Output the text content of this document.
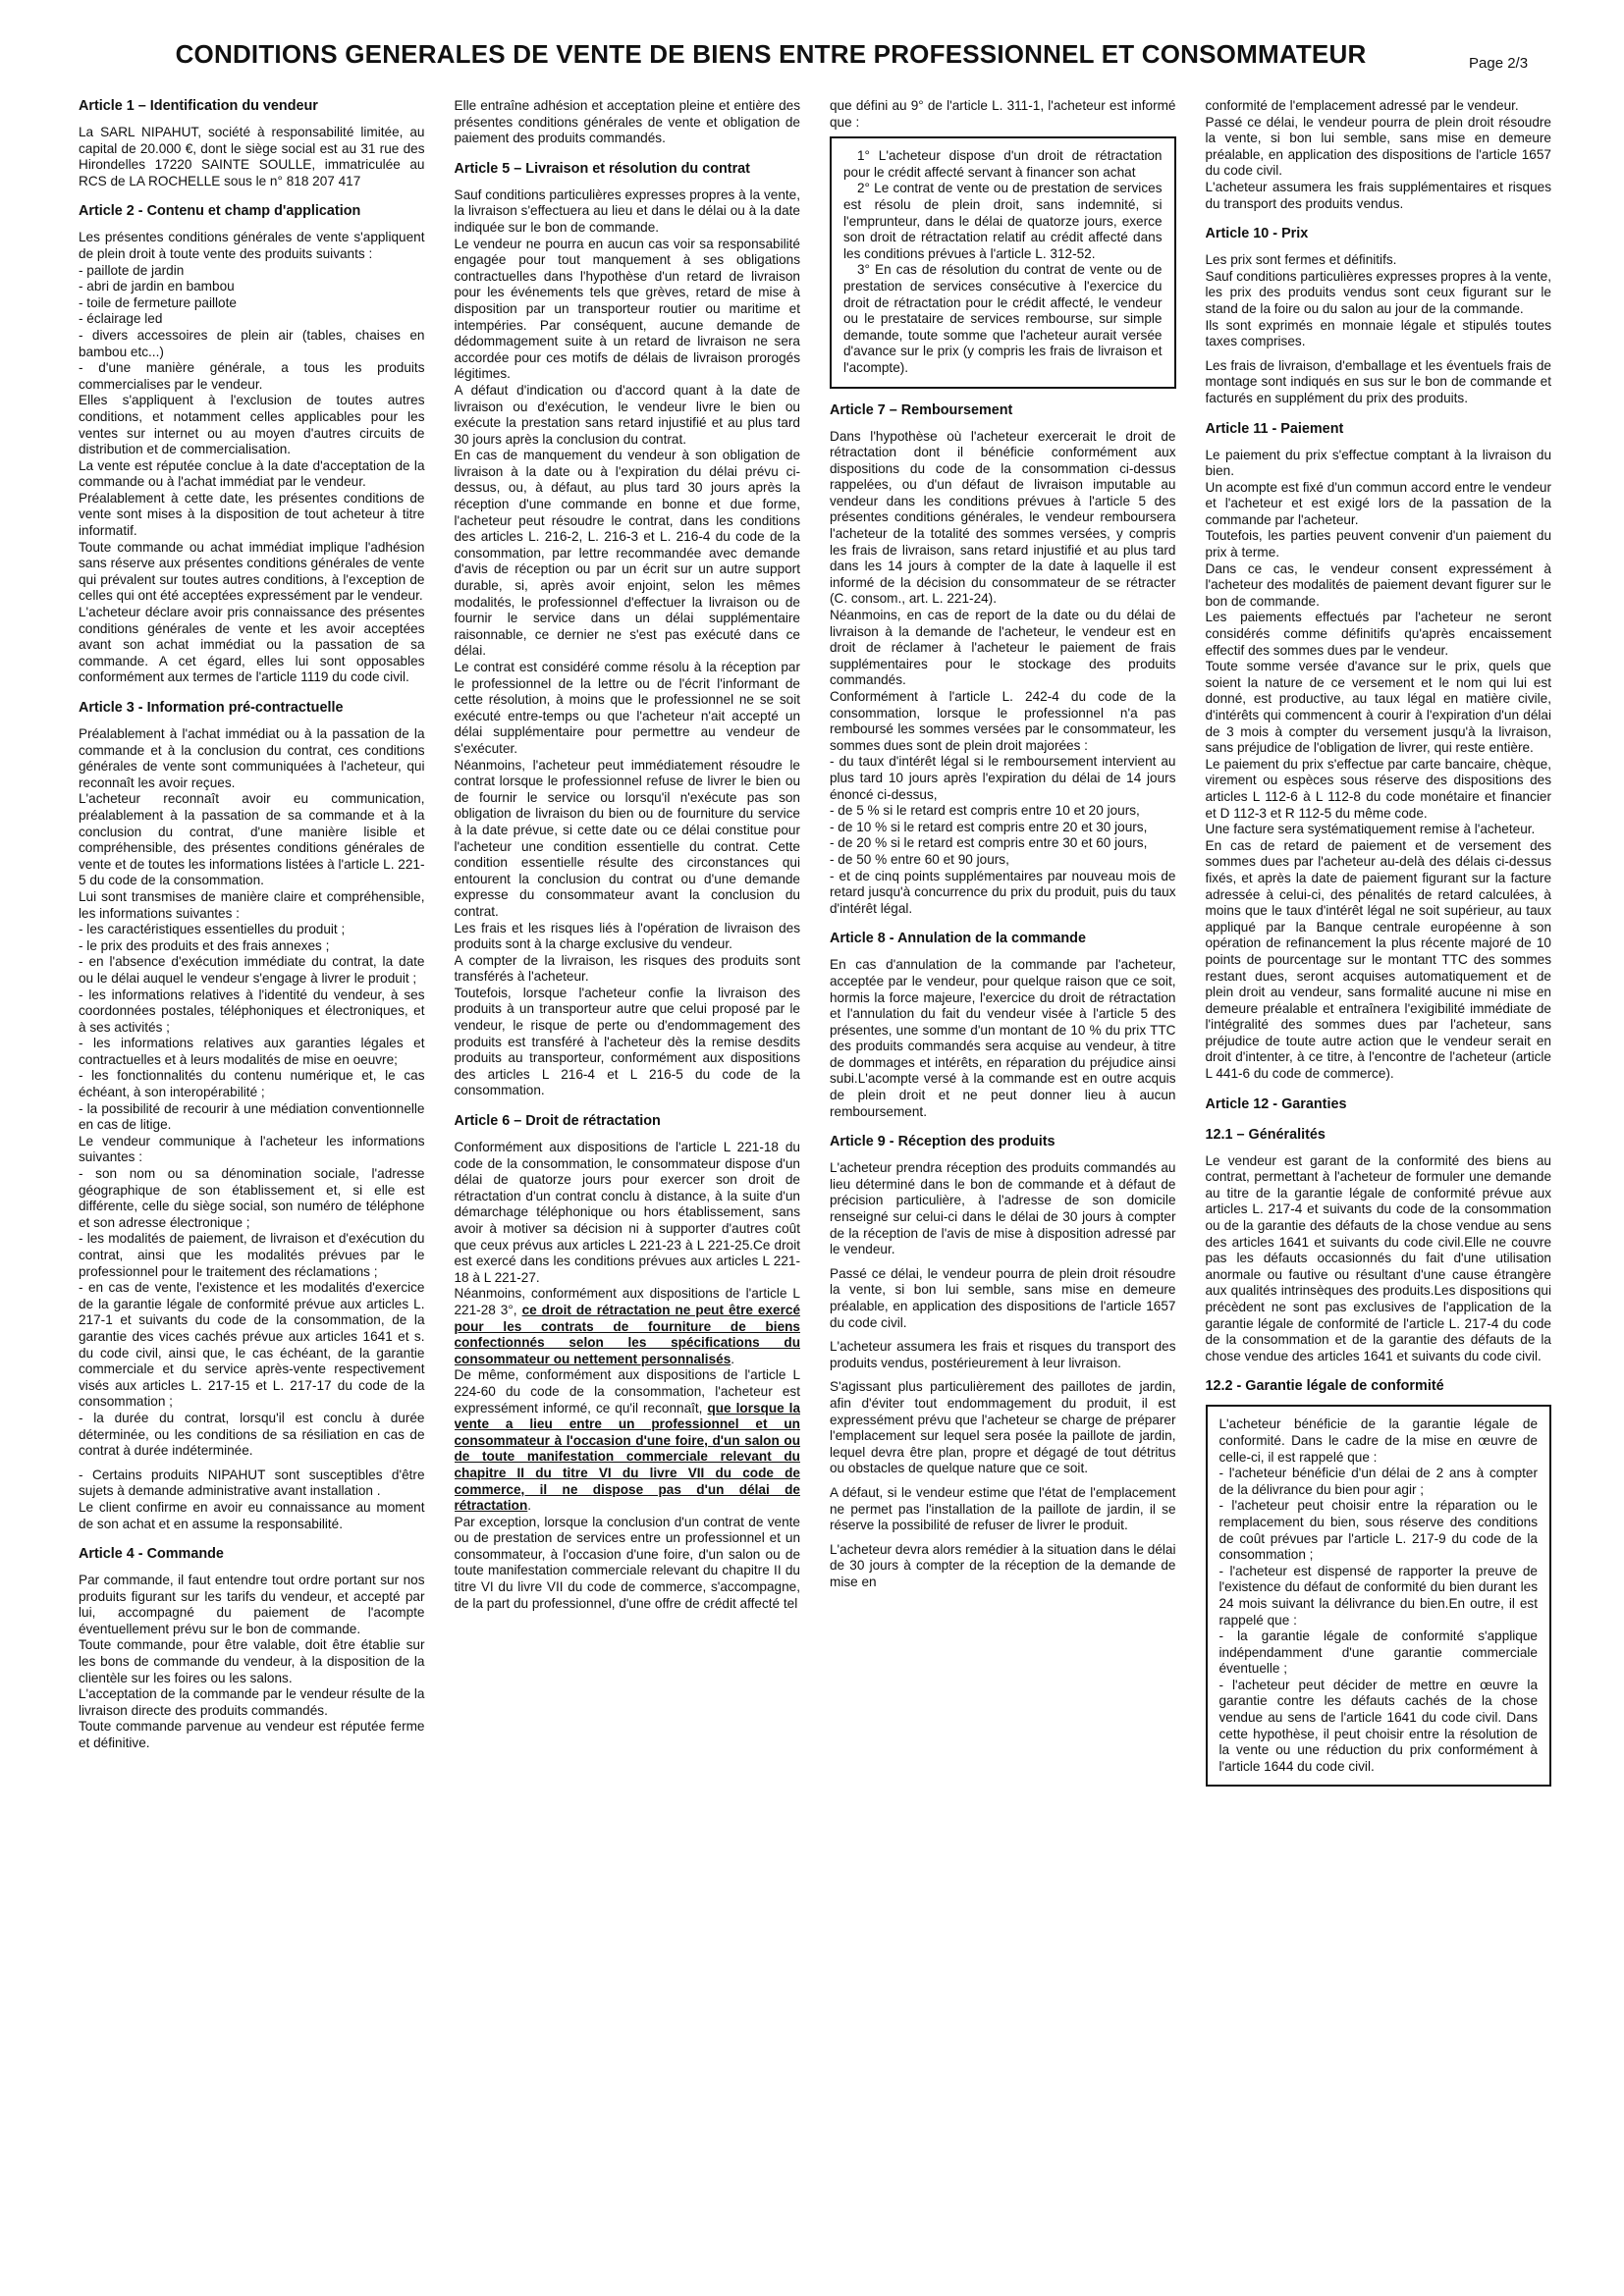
CONDITIONS GENERALES DE VENTE DE BIENS ENTRE PROFESSIONNEL ET CONSOMMATEUR	Page 2/3
Article 1 – Identification du vendeur

La SARL NIPAHUT, société à responsabilité limitée, au capital de 20.000 €, dont le siège social est au 31 rue des Hirondelles 17220 SAINTE SOULLE, immatriculée au RCS de LA ROCHELLE sous le n° 818 207 417

Article 2 - Contenu et champ d'application

Les présentes conditions générales de vente s'appliquent de plein droit à toute vente des produits suivants :

- paillote de jardin

- abri de jardin en bambou

- toile de fermeture paillote

- éclairage led

- divers accessoires de plein air (tables, chaises en bambou etc...)

- d'une manière générale, a tous les produits commercialises par le vendeur.

Elles s'appliquent à l'exclusion de toutes autres conditions, et notamment celles applicables pour les ventes sur internet ou au moyen d'autres circuits de distribution et de commercialisation.

La vente est réputée conclue à la date d'acceptation de la commande ou à l'achat immédiat par le vendeur.

Préalablement à cette date, les présentes conditions de vente sont mises à la disposition de tout acheteur à titre informatif.

Toute commande ou achat immédiat implique l'adhésion sans réserve aux présentes conditions générales de vente qui prévalent sur toutes autres conditions, à l'exception de celles qui ont été acceptées expressément par le vendeur.

L'acheteur déclare avoir pris connaissance des présentes conditions générales de vente et les avoir acceptées avant son achat immédiat ou la passation de sa commande. A cet égard, elles lui sont opposables conformément aux termes de l'article 1119 du code civil.

Article 3 - Information pré-contractuelle

Préalablement à l'achat immédiat ou à la passation de la commande et à la conclusion du contrat, ces conditions générales de vente sont communiquées à l'acheteur, qui reconnaît les avoir reçues.

L'acheteur reconnaît avoir eu communication, préalablement à la passation de sa commande et à la conclusion du contrat, d'une manière lisible et compréhensible, des présentes conditions générales de vente et de toutes les informations listées à l'article L. 221-5 du code de la consommation.

Lui sont transmises de manière claire et compréhensible, les informations suivantes :

- les caractéristiques essentielles du produit ;

- le prix des produits et des frais annexes ;

- en l'absence d'exécution immédiate du contrat, la date ou le délai auquel le vendeur s'engage à livrer le produit ;

- les informations relatives à l'identité du vendeur, à ses coordonnées postales, téléphoniques et électroniques, et à ses activités ;

- les informations relatives aux garanties légales et contractuelles et à leurs modalités de mise en oeuvre;

- les fonctionnalités du contenu numérique et, le cas échéant, à son interopérabilité ;

- la possibilité de recourir à une médiation conventionnelle en cas de litige.

Le vendeur communique à l'acheteur les informations suivantes :

- son nom ou sa dénomination sociale, l'adresse géographique de son établissement et, si elle est différente, celle du siège social, son numéro de téléphone et son adresse électronique ;

- les modalités de paiement, de livraison et d'exécution du contrat, ainsi que les modalités prévues par le professionnel pour le traitement des réclamations ;

- en cas de vente, l'existence et les modalités d'exercice de la garantie légale de conformité prévue aux articles L. 217-1 et suivants du code de la consommation, de la garantie des vices cachés prévue aux articles 1641 et s. du code civil, ainsi que, le cas échéant, de la garantie commerciale et du service après-vente respectivement visés aux articles L. 217-15 et L. 217-17 du code de la consommation ;

- la durée du contrat, lorsqu'il est conclu à durée déterminée, ou les conditions de sa résiliation en cas de contrat à durée indéterminée.

- Certains produits NIPAHUT sont susceptibles d'être sujets à demande administrative avant installation .

Le client confirme en avoir eu connaissance au moment de son achat et en assume la responsabilité.

Article 4 - Commande

Par commande, il faut entendre tout ordre portant sur nos produits figurant sur les tarifs du vendeur, et accepté par lui, accompagné du paiement de l'acompte éventuellement prévu sur le bon de commande.

Toute commande, pour être valable, doit être établie sur les bons de commande du vendeur, à la disposition de la clientèle sur les foires ou les salons.

L'acceptation de la commande par le vendeur résulte de la livraison directe des produits commandés.

Toute commande parvenue au vendeur est réputée ferme et définitive.

Elle entraîne adhésion et acceptation pleine et entière des présentes conditions générales de vente et obligation de paiement des produits commandés.

Article 5 – Livraison et résolution du contrat

Sauf conditions particulières expresses propres à la vente, la livraison s'effectuera au lieu et dans le délai ou à la date indiquée sur le bon de commande.

Le vendeur ne pourra en aucun cas voir sa responsabilité engagée pour tout manquement à ses obligations contractuelles dans l'hypothèse d'un retard de livraison pour les événements tels que grèves, retard de mise à disposition par un transporteur routier ou maritime et intempéries. Par conséquent, aucune demande de dédommagement suite à un retard de livraison ne sera accordée pour ces motifs de délais de livraison prorogés légitimes.

A défaut d'indication ou d'accord quant à la date de livraison ou d'exécution, le vendeur livre le bien ou exécute la prestation sans retard injustifié et au plus tard 30 jours après la conclusion du contrat.

En cas de manquement du vendeur à son obligation de livraison à la date ou à l'expiration du délai prévu ci-dessus, ou, à défaut, au plus tard 30 jours après la réception d'une commande en bonne et due forme, l'acheteur peut résoudre le contrat, dans les conditions des articles L. 216-2, L. 216-3 et L. 216-4 du code de la consommation, par lettre recommandée avec demande d'avis de réception ou par un écrit sur un autre support durable, si, après avoir enjoint, selon les mêmes modalités, le professionnel d'effectuer la livraison ou de fournir le service dans un délai supplémentaire raisonnable, ce dernier ne s'est pas exécuté dans ce délai.

Le contrat est considéré comme résolu à la réception par le professionnel de la lettre ou de l'écrit l'informant de cette résolution, à moins que le professionnel ne se soit exécuté entre-temps ou que l'acheteur n'ait accepté un délai supplémentaire pour permettre au vendeur de s'exécuter.

Néanmoins, l'acheteur peut immédiatement résoudre le contrat lorsque le professionnel refuse de livrer le bien ou de fournir le service ou lorsqu'il n'exécute pas son obligation de livraison du bien ou de fourniture du service à la date prévue, si cette date ou ce délai constitue pour l'acheteur une condition essentielle du contrat. Cette condition essentielle résulte des circonstances qui entourent la conclusion du contrat ou d'une demande expresse du consommateur avant la conclusion du contrat.

Les frais et les risques liés à l'opération de livraison des produits sont à la charge exclusive du vendeur.

A compter de la livraison, les risques des produits sont transférés à l'acheteur.

Toutefois, lorsque l'acheteur confie la livraison des produits à un transporteur autre que celui proposé par le vendeur, le risque de perte ou d'endommagement des produits est transféré à l'acheteur dès la remise desdits produits au transporteur, conformément aux dispositions des articles L 216-4 et L 216-5 du code de la consommation.

Article 6 – Droit de rétractation

Conformément aux dispositions de l'article L 221-18 du code de la consommation, le consommateur dispose d'un délai de quatorze jours pour exercer son droit de rétractation d'un contrat conclu à distance, à la suite d'un démarchage téléphonique ou hors établissement, sans avoir à motiver sa décision ni à supporter d'autres coût que ceux prévus aux articles L 221-23 à L 221-25.Ce droit est exercé dans les conditions prévues aux articles L 221-18 à L 221-27.

Néanmoins, conformément aux dispositions de l'article L 221-28 3°, ce droit de rétractation ne peut être exercé pour les contrats de fourniture de biens confectionnés selon les spécifications du consommateur ou nettement personnalisés.

De même, conformément aux dispositions de l'article L 224-60 du code de la consommation, l'acheteur est expressément informé, ce qu'il reconnaît, que lorsque la vente a lieu entre un professionnel et un consommateur à l'occasion d'une foire, d'un salon ou de toute manifestation commerciale relevant du chapitre II du titre VI du livre VII du code de commerce, il ne dispose pas d'un délai de rétractation.

Par exception, lorsque la conclusion d'un contrat de vente ou de prestation de services entre un professionnel et un consommateur, à l'occasion d'une foire, d'un salon ou de toute manifestation commerciale relevant du chapitre II du titre VI du livre VII du code de commerce, s'accompagne, de la part du professionnel, d'une offre de crédit affecté tel

que défini au 9° de l'article L. 311-1, l'acheteur est informé que :

1° L'acheteur dispose d'un droit de rétractation pour le crédit affecté servant à financer son achat

2° Le contrat de vente ou de prestation de services est résolu de plein droit, sans indemnité, si l'emprunteur, dans le délai de quatorze jours, exerce son droit de rétractation relatif au crédit affecté dans les conditions prévues à l'article L. 312-52.

3° En cas de résolution du contrat de vente ou de prestation de services consécutive à l'exercice du droit de rétractation pour le crédit affecté, le vendeur ou le prestataire de services rembourse, sur simple demande, toute somme que l'acheteur aurait versée d'avance sur le prix (y compris les frais de livraison et l'acompte).

Article 7 – Remboursement

Dans l'hypothèse où l'acheteur exercerait le droit de rétractation dont il bénéficie conformément aux dispositions du code de la consommation ci-dessus rappelées, ou d'un défaut de livraison imputable au vendeur dans les conditions prévues à l'article 5 des présentes conditions générales, le vendeur remboursera l'acheteur de la totalité des sommes versées, y compris les frais de livraison, sans retard injustifié et au plus tard dans les 14 jours à compter de la date à laquelle il est informé de la décision du consommateur de se rétracter (C. consom., art. L. 221-24).

Néanmoins, en cas de report de la date ou du délai de livraison à la demande de l'acheteur, le vendeur est en droit de réclamer à l'acheteur le paiement de frais supplémentaires pour le stockage des produits commandés.

Conformément à l'article L. 242-4 du code de la consommation, lorsque le professionnel n'a pas remboursé les sommes versées par le consommateur, les sommes dues sont de plein droit majorées :

- du taux d'intérêt légal si le remboursement intervient au plus tard 10 jours après l'expiration du délai de 14 jours énoncé ci-dessus,

- de 5 % si le retard est compris entre 10 et 20 jours,

- de 10 % si le retard est compris entre 20 et 30 jours,

- de 20 % si le retard est compris entre 30 et 60 jours,

- de 50 % entre 60 et 90 jours,

- et de cinq points supplémentaires par nouveau mois de retard jusqu'à concurrence du prix du produit, puis du taux d'intérêt légal.

Article 8 - Annulation de la commande

En cas d'annulation de la commande par l'acheteur, acceptée par le vendeur, pour quelque raison que ce soit, hormis la force majeure, l'exercice du droit de rétractation et l'annulation du fait du vendeur visée à l'article 5 des présentes, une somme d'un montant de 10 % du prix TTC des produits commandés sera acquise au vendeur, à titre de dommages et intérêts, en réparation du préjudice ainsi subi.L'acompte versé à la commande est en outre acquis de plein droit et ne peut donner lieu à aucun remboursement.

Article 9 - Réception des produits

L'acheteur prendra réception des produits commandés au lieu déterminé dans le bon de commande et à défaut de précision particulière, à l'adresse de son domicile renseigné sur celui-ci dans le délai de 30 jours à compter de la réception de l'avis de mise à disposition adressé par le vendeur.

Passé ce délai, le vendeur pourra de plein droit résoudre la vente, si bon lui semble, sans mise en demeure préalable, en application des dispositions de l'article 1657 du code civil.

L'acheteur assumera les frais et risques du transport des produits vendus, postérieurement à leur livraison.

S'agissant plus particulièrement des paillotes de jardin, afin d'éviter tout endommagement du produit, il est expressément prévu que l'acheteur se charge de préparer l'emplacement sur lequel sera posée la paillote de jardin, lequel devra être plan, propre et dégagé de tout détritus ou obstacles de quelque nature que ce soit.

A défaut, si le vendeur estime que l'état de l'emplacement ne permet pas l'installation de la paillote de jardin, il se réserve la possibilité de refuser de livrer le produit.

L'acheteur devra alors remédier à la situation dans le délai de 30 jours à compter de la réception de la demande de mise en

conformité de l'emplacement adressé par le vendeur.

Passé ce délai, le vendeur pourra de plein droit résoudre la vente, si bon lui semble, sans mise en demeure préalable, en application des dispositions de l'article 1657 du code civil.

L'acheteur assumera les frais supplémentaires et risques du transport des produits vendus.

Article 10 - Prix

Les prix sont fermes et définitifs.

Sauf conditions particulières expresses propres à la vente, les prix des produits vendus sont ceux figurant sur le stand de la foire ou du salon au jour de la commande.

Ils sont exprimés en monnaie légale et stipulés toutes taxes comprises.

Les frais de livraison, d'emballage et les éventuels frais de montage sont indiqués en sus sur le bon de commande et facturés en supplément du prix des produits.

Article 11 - Paiement

Le paiement du prix s'effectue comptant à la livraison du bien.

Un acompte est fixé d'un commun accord entre le vendeur et l'acheteur et est exigé lors de la passation de la commande par l'acheteur.

Toutefois, les parties peuvent convenir d'un paiement du prix à terme.

Dans ce cas, le vendeur consent expressément à l'acheteur des modalités de paiement devant figurer sur le bon de commande.

Les paiements effectués par l'acheteur ne seront considérés comme définitifs qu'après encaissement effectif des sommes dues par le vendeur.

Toute somme versée d'avance sur le prix, quels que soient la nature de ce versement et le nom qui lui est donné, est productive, au taux légal en matière civile, d'intérêts qui commencent à courir à l'expiration d'un délai de 3 mois à compter du versement jusqu'à la livraison, sans préjudice de l'obligation de livrer, qui reste entière.

Le paiement du prix s'effectue par carte bancaire, chèque, virement ou espèces sous réserve des dispositions des articles L 112-6 à L 112-8 du code monétaire et financier et D 112-3 et R 112-5 du même code.

Une facture sera systématiquement remise à l'acheteur.

En cas de retard de paiement et de versement des sommes dues par l'acheteur au-delà des délais ci-dessus fixés, et après la date de paiement figurant sur la facture adressée à celui-ci, des pénalités de retard calculées, à moins que le taux d'intérêt légal ne soit supérieur, au taux appliqué par la Banque centrale européenne à son opération de refinancement la plus récente majoré de 10 points de pourcentage sur le montant TTC des sommes restant dues, seront acquises automatiquement et de plein droit au vendeur, sans formalité aucune ni mise en demeure préalable et entraînera l'exigibilité immédiate de l'intégralité des sommes dues par l'acheteur, sans préjudice de toute autre action que le vendeur serait en droit d'intenter, à ce titre, à l'encontre de l'acheteur (article L 441-6 du code de commerce).

Article 12 - Garanties
12.1 – Généralités

Le vendeur est garant de la conformité des biens au contrat, permettant à l'acheteur de formuler une demande au titre de la garantie légale de conformité prévue aux articles L. 217-4 et suivants du code de la consommation ou de la garantie des défauts de la chose vendue au sens des articles 1641 et suivants du code civil.Elle ne couvre pas les défauts occasionnés du fait d'une utilisation anormale ou fautive ou résultant d'une cause étrangère aux qualités intrinsèques des produits.Les dispositions qui précèdent ne sont pas exclusives de l'application de la garantie légale de conformité de l'article L. 217-4 du code de la consommation et de la garantie des défauts de la chose vendue des articles 1641 et suivants du code civil.

12.2 - Garantie légale de conformité

L'acheteur bénéficie de la garantie légale de conformité. Dans le cadre de la mise en œuvre de celle-ci, il est rappelé que :

- l'acheteur bénéficie d'un délai de 2 ans à compter de la délivrance du bien pour agir ;

- l'acheteur peut choisir entre la réparation ou le remplacement du bien, sous réserve des conditions de coût prévues par l'article L. 217-9 du code de la consommation ;

- l'acheteur est dispensé de rapporter la preuve de l'existence du défaut de conformité du bien durant les 24 mois suivant la délivrance du bien.En outre, il est rappelé que :

- la garantie légale de conformité s'applique indépendamment d'une garantie commerciale éventuelle ;

- l'acheteur peut décider de mettre en œuvre la garantie contre les défauts cachés de la chose vendue au sens de l'article 1641 du code civil. Dans cette hypothèse, il peut choisir entre la résolution de la vente ou une réduction du prix conformément à l'article 1644 du code civil.
